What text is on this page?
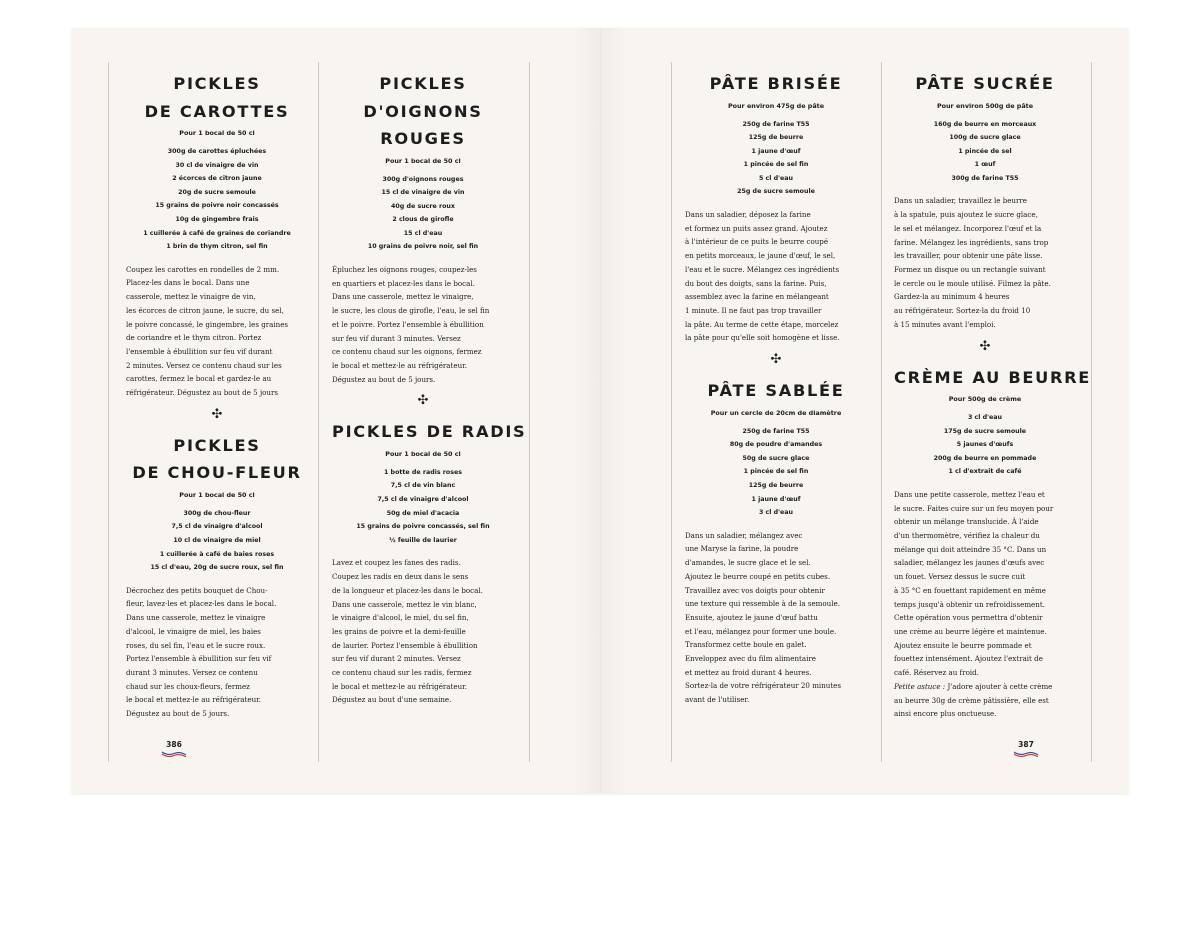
PICKLES
DE CAROTTES
Pour 1 bocal de 50 cl
300g de carottes épluchées
30 cl de vinaigre de vin
2 écorces de citron jaune
20g de sucre semoule
15 grains de poivre noir concassés
10g de gingembre frais
1 cuillerée à café de graines de coriandre
1 brin de thym citron, sel fin

Coupez les carottes en rondelles de 2 mm.
Placez-les dans le bocal. Dans une
casserole, mettez le vinaigre de vin,
les écorces de citron jaune, le sucre, du sel,
le poivre concassé, le gingembre, les graines
de coriandre et le thym citron. Portez
l'ensemble à ébullition sur feu vif durant
2 minutes. Versez ce contenu chaud sur les
carottes, fermez le bocal et gardez-le au
réfrigérateur. Dégustez au bout de 5 jours

✣
PICKLES
DE CHOU-FLEUR
Pour 1 bocal de 50 cl
300g de chou-fleur
7,5 cl de vinaigre d'alcool
10 cl de vinaigre de miel
1 cuillerée à café de baies roses
15 cl d'eau, 20g de sucre roux, sel fin

Décrochez des petits bouquet de Chou-
fleur, lavez-les et placez-les dans le bocal.
Dans une casserole, mettez le vinaigre
d'alcool, le vinaigre de miel, les baies
roses, du sel fin, l'eau et le sucre roux.
Portez l'ensemble à ébullition sur feu vif
durant 3 minutes. Versez ce contenu
chaud sur les choux-fleurs, fermez
le bocal et mettez-le au réfrigérateur.
Dégustez au bout de 5 jours.

PICKLES
D'OIGNONS
ROUGES
Pour 1 bocal de 50 cl
300g d'oignons rouges
15 cl de vinaigre de vin
40g de sucre roux
2 clous de girofle
15 cl d'eau
10 grains de poivre noir, sel fin

Épluchez les oignons rouges, coupez-les
en quartiers et placez-les dans le bocal.
Dans une casserole, mettez le vinaigre,
le sucre, les clous de girofle, l'eau, le sel fin
et le poivre. Portez l'ensemble à ébullition
sur feu vif durant 3 minutes. Versez
ce contenu chaud sur les oignons, fermez
le bocal et mettez-le au réfrigérateur.
Dégustez au bout de 5 jours.

✣
PICKLES DE RADIS
Pour 1 bocal de 50 cl
1 botte de radis roses
7,5 cl de vin blanc
7,5 cl de vinaigre d'alcool
50g de miel d'acacia
15 grains de poivre concassés, sel fin
½ feuille de laurier

Lavez et coupez les fanes des radis.
Coupez les radis en deux dans le sens
de la longueur et placez-les dans le bocal.
Dans une casserole, mettez le vin blanc,
le vinaigre d'alcool, le miel, du sel fin,
les grains de poivre et la demi-feuille
de laurier. Portez l'ensemble à ébullition
sur feu vif durant 2 minutes. Versez
ce contenu chaud sur les radis, fermez
le bocal et mettez-le au réfrigérateur.
Dégustez au bout d'une semaine.

PÂTE BRISÉE
Pour environ 475g de pâte
250g de farine T55
125g de beurre
1 jaune d'œuf
1 pincée de sel fin
5 cl d'eau
25g de sucre semoule

Dans un saladier, déposez la farine
et formez un puits assez grand. Ajoutez
à l'intérieur de ce puits le beurre coupé
en petits morceaux, le jaune d'œuf, le sel,
l'eau et le sucre. Mélangez ces ingrédients
du bout des doigts, sans la farine. Puis,
assemblez avec la farine en mélangeant
1 minute. Il ne faut pas trop travailler
la pâte. Au terme de cette étape, morcelez
la pâte pour qu'elle soit homogène et lisse.

✣
PÂTE SABLÉE
Pour un cercle de 20cm de diamètre
250g de farine T55
80g de poudre d'amandes
50g de sucre glace
1 pincée de sel fin
125g de beurre
1 jaune d'œuf
3 cl d'eau

Dans un saladier, mélangez avec
une Maryse la farine, la poudre
d'amandes, le sucre glace et le sel.
Ajoutez le beurre coupé en petits cubes.
Travaillez avec vos doigts pour obtenir
une texture qui ressemble à de la semoule.
Ensuite, ajoutez le jaune d'œuf battu
et l'eau, mélangez pour former une boule.
Transformez cette boule en galet.
Enveloppez avec du film alimentaire
et mettez au froid durant 4 heures.
Sortez-la de votre réfrigérateur 20 minutes
avant de l'utiliser.

PÂTE SUCRÉE
Pour environ 500g de pâte
160g de beurre en morceaux
100g de sucre glace
1 pincée de sel
1 œuf
300g de farine T55

Dans un saladier, travaillez le beurre
à la spatule, puis ajoutez le sucre glace,
le sel et mélangez. Incorporez l'œuf et la
farine. Mélangez les ingrédients, sans trop
les travailler, pour obtenir une pâte lisse.
Formez un disque ou un rectangle suivant
le cercle ou le moule utilisé. Filmez la pâte.
Gardez-la au minimum 4 heures
au réfrigérateur. Sortez-la du froid 10
à 15 minutes avant l'emploi.

✣
CRÈME AU BEURRE
Pour 500g de crème
3 cl d'eau
175g de sucre semoule
5 jaunes d'œufs
200g de beurre en pommade
1 cl d'extrait de café

Dans une petite casserole, mettez l'eau et
le sucre. Faites cuire sur un feu moyen pour
obtenir un mélange translucide. À l'aide
d'un thermomètre, vérifiez la chaleur du
mélange qui doit atteindre 35 °C. Dans un
saladier, mélangez les jaunes d'œufs avec
un fouet. Versez dessus le sucre cuit
à 35 °C en fouettant rapidement en même
temps jusqu'à obtenir un refroidissement.
Cette opération vous permettra d'obtenir
une crème au beurre légère et maintenue.
Ajoutez ensuite le beurre pommade et
fouettez intensément. Ajoutez l'extrait de
café. Réservez au froid.
Petite astuce : J'adore ajouter à cette crème
au beurre 30g de crème pâtissière, elle est
ainsi encore plus onctueuse.

386	387
